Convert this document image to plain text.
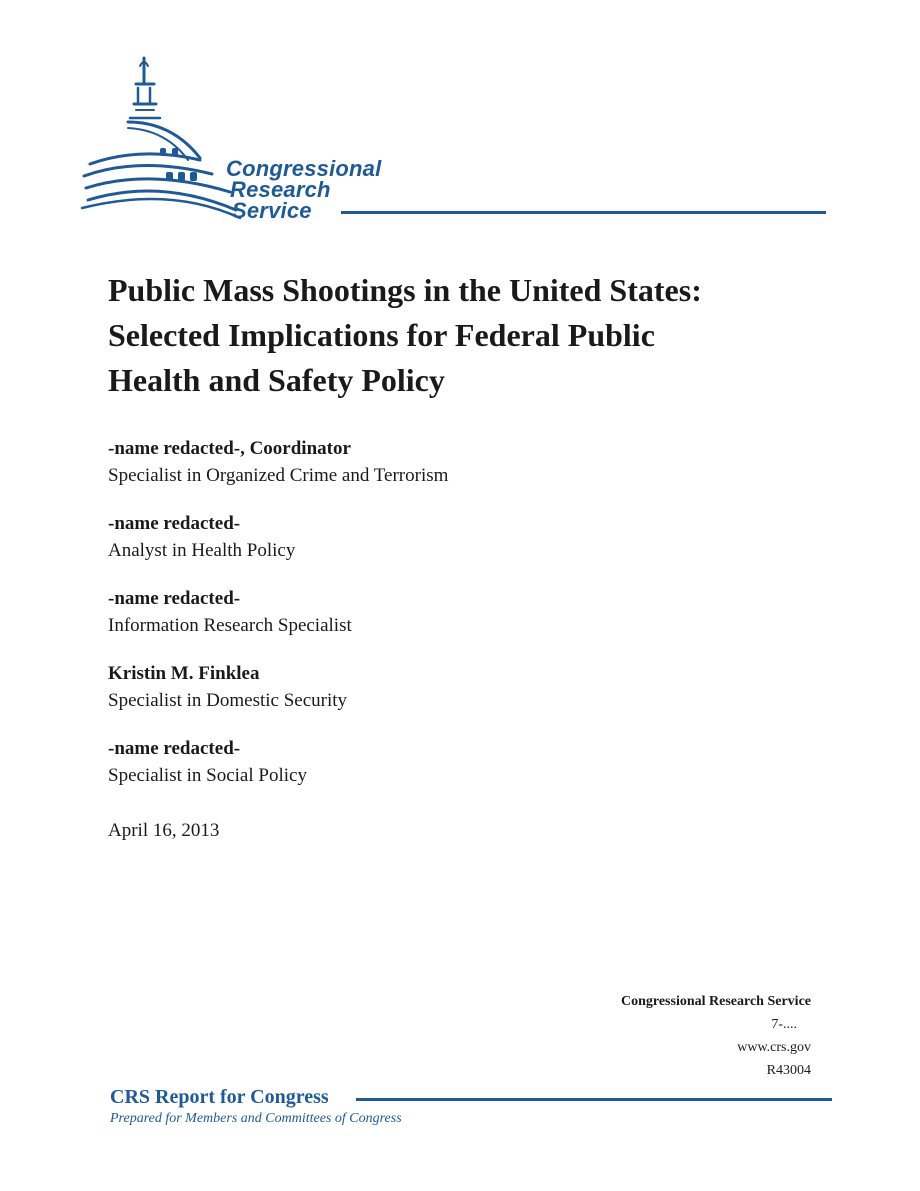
Congressional
Research
Service
Public Mass Shootings in the United States:
Selected Implications for Federal Public
Health and Safety Policy
-name redacted-, Coordinator
Specialist in Organized Crime and Terrorism
-name redacted-
Analyst in Health Policy
-name redacted-
Information Research Specialist
Kristin M. Finklea
Specialist in Domestic Security
-name redacted-
Specialist in Social Policy
April 16, 2013
Congressional Research Service
7-....
www.crs.gov
R43004
CRS Report for Congress
Prepared for Members and Committees of Congress
